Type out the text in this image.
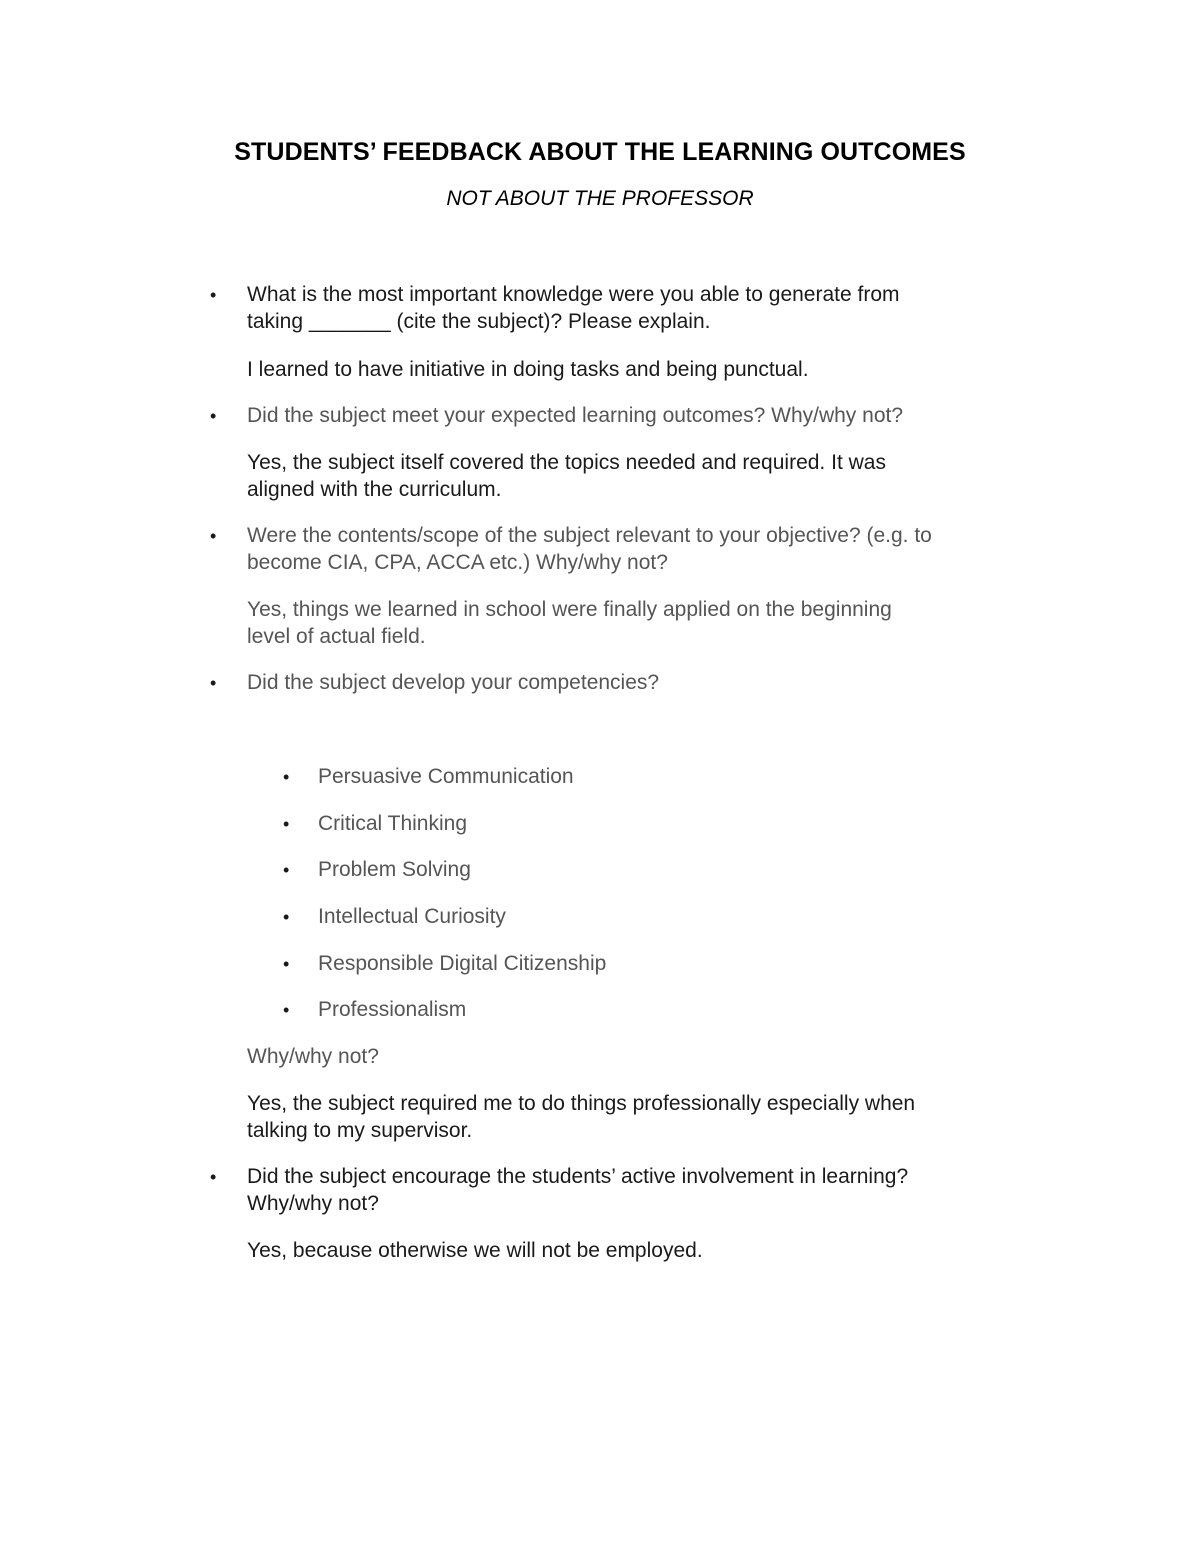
STUDENTS’ FEEDBACK ABOUT THE LEARNING OUTCOMES
NOT ABOUT THE PROFESSOR
• What is the most important knowledge were you able to generate from
taking _______ (cite the subject)? Please explain.
I learned to have initiative in doing tasks and being punctual.
• Did the subject meet your expected learning outcomes? Why/why not?
Yes, the subject itself covered the topics needed and required. It was
aligned with the curriculum.
• Were the contents/scope of the subject relevant to your objective? (e.g. to
become CIA, CPA, ACCA etc.) Why/why not?
Yes, things we learned in school were finally applied on the beginning
level of actual field.
• Did the subject develop your competencies?
• Persuasive Communication
• Critical Thinking
• Problem Solving
• Intellectual Curiosity
• Responsible Digital Citizenship
• Professionalism
Why/why not?
Yes, the subject required me to do things professionally especially when
talking to my supervisor.
• Did the subject encourage the students’ active involvement in learning?
Why/why not?
Yes, because otherwise we will not be employed.
